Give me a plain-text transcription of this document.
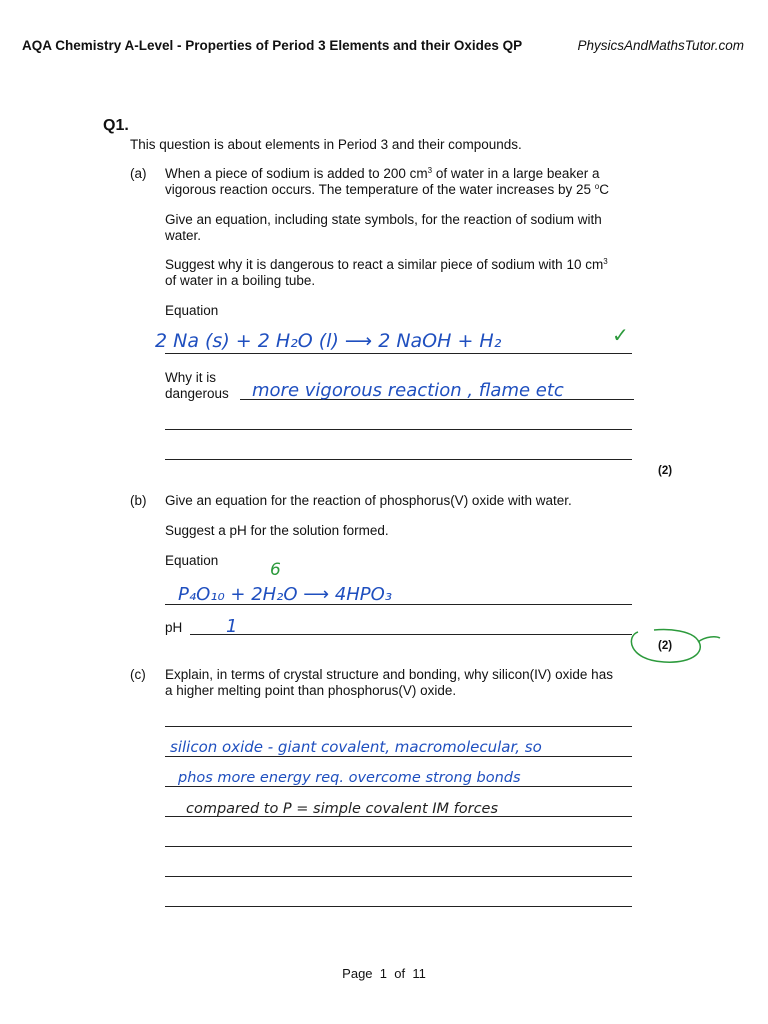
AQA Chemistry A-Level - Properties of Period 3 Elements and their Oxides QP	PhysicsAndMathsTutor.com
Q1.
This question is about elements in Period 3 and their compounds.
(a) When a piece of sodium is added to 200 $cm^3$ of water in a large beaker a
vigorous reaction occurs. The temperature of the water increases by 25 $^o$C
Give an equation, including state symbols, for the reaction of sodium with
water.
Suggest why it is dangerous to react a similar piece of sodium with 10 $cm^3$
of water in a boiling tube.
Equation
2 Na (s) + 2 H₂O (l) ⟶ 2 NaOH + H₂	✓
Why it is
dangerous more vigorous reaction , flame etc
(2)
(b) Give an equation for the reaction of phosphorus(V) oxide with water.
Suggest a pH for the solution formed.
Equation	6
P₄O₁₀ + 2H₂O ⟶ 4HPO₃
pH 1
(2)
(c) Explain, in terms of crystal structure and bonding, why silicon(IV) oxide has
a higher melting point than phosphorus(V) oxide.
silicon oxide - giant covalent, macromolecular, so
phos more energy req. overcome strong bonds
compared to P = simple covalent IM forces
Page 1 of 11
